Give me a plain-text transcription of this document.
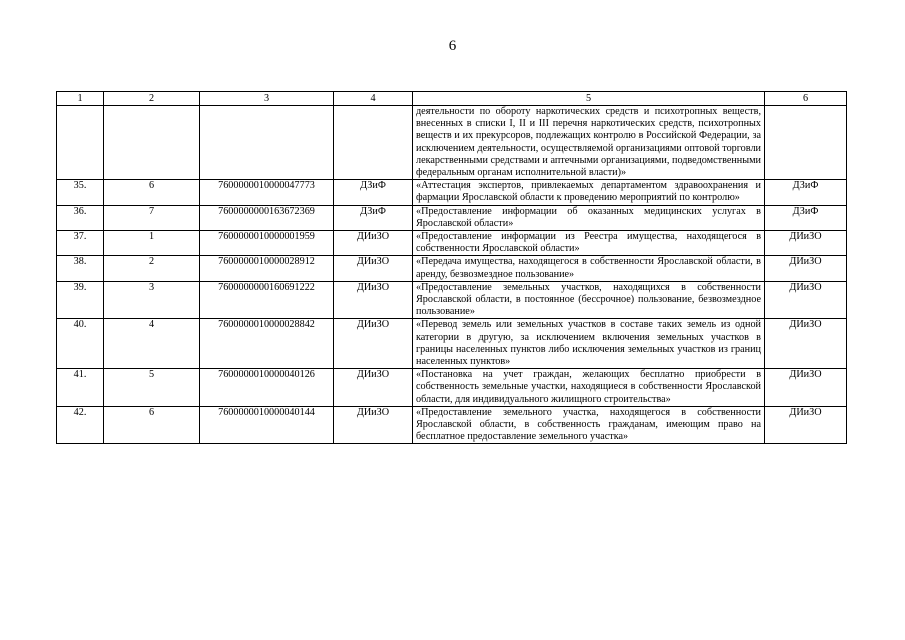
6
1	2	3	4	5	6
				деятельности по обороту наркотических средств и психотропных веществ, внесенных в списки I, II и III перечня наркотических средств, психотропных веществ и их прекурсоров, подлежащих контролю в Российской Федерации, за исключением деятельности, осуществляемой организациями оптовой торговли лекарственными средствами и аптечными организациями, подведомственными федеральным органам исполнительной власти)»	
35.	6	7600000010000047773	ДЗиФ	«Аттестация экспертов, привлекаемых департаментом здравоохранения и фармации Ярославской области к проведению мероприятий по контролю»	ДЗиФ
36.	7	7600000000163672369	ДЗиФ	«Предоставление информации об оказанных медицинских услугах в Ярославской области»	ДЗиФ
37.	1	7600000010000001959	ДИиЗО	«Предоставление информации из Реестра имущества, находящегося в собственности Ярославской области»	ДИиЗО
38.	2	7600000010000028912	ДИиЗО	«Передача имущества, находящегося в собственности Ярославской области, в аренду, безвозмездное пользование»	ДИиЗО
39.	3	7600000000160691222	ДИиЗО	«Предоставление земельных участков, находящихся в собственности Ярославской области, в постоянное (бессрочное) пользование, безвозмездное пользование»	ДИиЗО
40.	4	7600000010000028842	ДИиЗО	«Перевод земель или земельных участков в составе таких земель из одной категории в другую, за исключением включения земельных участков в границы населенных пунктов либо исключения земельных участков из границ населенных пунктов»	ДИиЗО
41.	5	7600000010000040126	ДИиЗО	«Постановка на учет граждан, желающих бесплатно приобрести в собственность земельные участки, находящиеся в собственности Ярославской области, для индивидуального жилищного строительства»	ДИиЗО
42.	6	7600000010000040144	ДИиЗО	«Предоставление земельного участка, находящегося в собственности Ярославской области, в собственность гражданам, имеющим право на бесплатное предоставление земельного участка»	ДИиЗО
